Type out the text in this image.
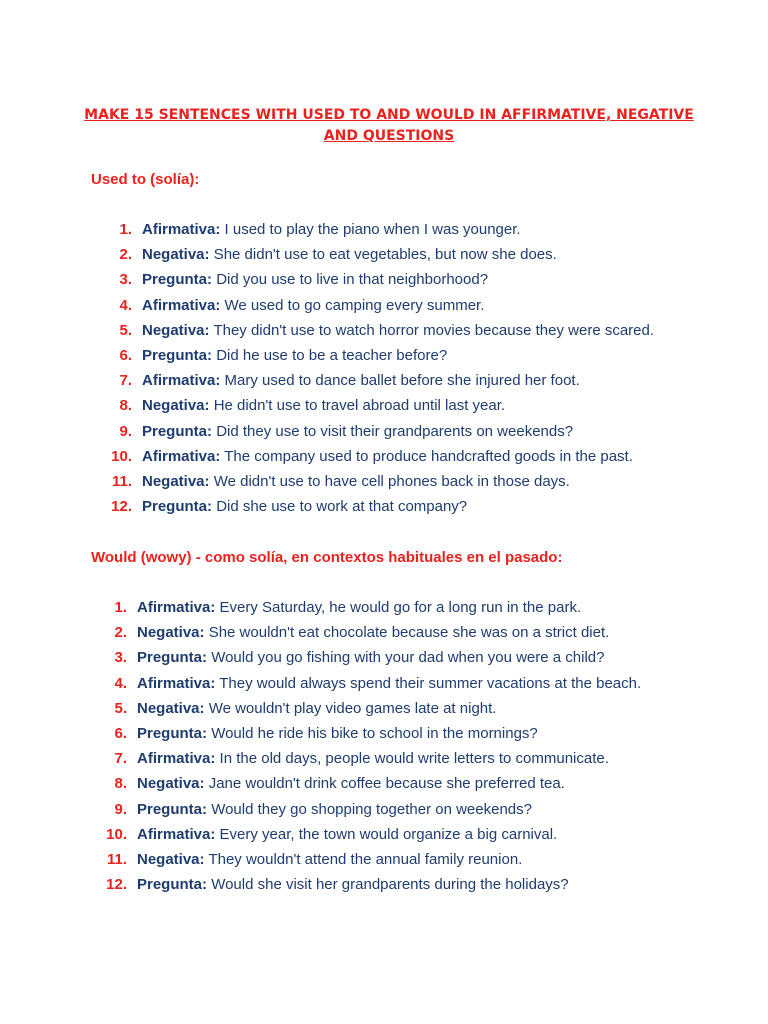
MAKE 15 SENTENCES WITH USED TO AND WOULD IN AFFIRMATIVE, NEGATIVE AND QUESTIONS
Used to (solía):
1. Afirmativa: I used to play the piano when I was younger.
2. Negativa: She didn't use to eat vegetables, but now she does.
3. Pregunta: Did you use to live in that neighborhood?
4. Afirmativa: We used to go camping every summer.
5. Negativa: They didn't use to watch horror movies because they were scared.
6. Pregunta: Did he use to be a teacher before?
7. Afirmativa: Mary used to dance ballet before she injured her foot.
8. Negativa: He didn't use to travel abroad until last year.
9. Pregunta: Did they use to visit their grandparents on weekends?
10. Afirmativa: The company used to produce handcrafted goods in the past.
11. Negativa: We didn't use to have cell phones back in those days.
12. Pregunta: Did she use to work at that company?
Would (wowy) - como solía, en contextos habituales en el pasado:
1. Afirmativa: Every Saturday, he would go for a long run in the park.
2. Negativa: She wouldn't eat chocolate because she was on a strict diet.
3. Pregunta: Would you go fishing with your dad when you were a child?
4. Afirmativa: They would always spend their summer vacations at the beach.
5. Negativa: We wouldn't play video games late at night.
6. Pregunta: Would he ride his bike to school in the mornings?
7. Afirmativa: In the old days, people would write letters to communicate.
8. Negativa: Jane wouldn't drink coffee because she preferred tea.
9. Pregunta: Would they go shopping together on weekends?
10. Afirmativa: Every year, the town would organize a big carnival.
11. Negativa: They wouldn't attend the annual family reunion.
12. Pregunta: Would she visit her grandparents during the holidays?
